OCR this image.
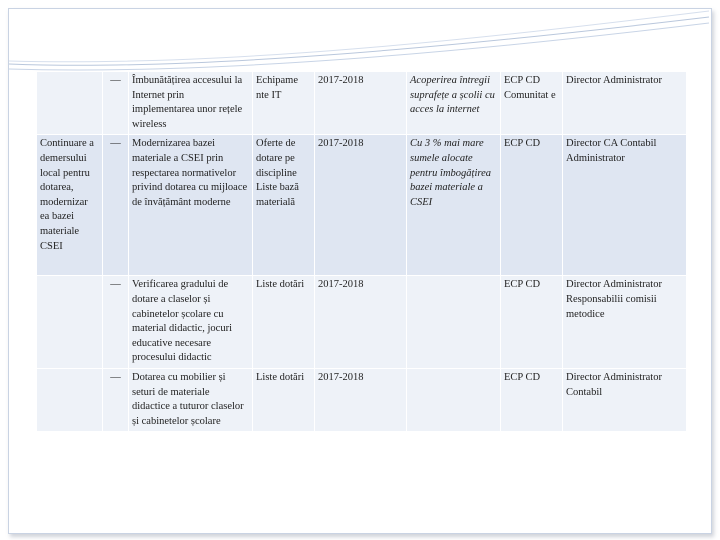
	—	Îmbunătățirea accesului la Internet prin implementarea unor rețele wireless	Echipame nte IT	2017-2018	Acoperirea întregii suprafețe a școlii cu acces la internet	ECP CD Comunitat e	Director Administrator
Continuare a demersului local pentru dotarea, modernizar ea bazei materiale CSEI	—	Modernizarea bazei materiale a CSEI prin respectarea normativelor privind dotarea cu mijloace de învățământ moderne	Oferte de dotare pe discipline Liste bază materială	2017-2018	Cu 3 % mai mare sumele alocate pentru îmbogățirea bazei materiale a CSEI	ECP CD	Director CA Contabil Administrator
	—	Verificarea gradului de dotare a claselor și cabinetelor școlare cu material didactic, jocuri educative necesare procesului didactic	Liste dotări	2017-2018		ECP CD	Director Administrator Responsabilii comisii metodice
	—	Dotarea cu mobilier și seturi de materiale didactice a tuturor claselor și cabinetelor școlare	Liste dotări	2017-2018		ECP CD	Director Administrator Contabil
